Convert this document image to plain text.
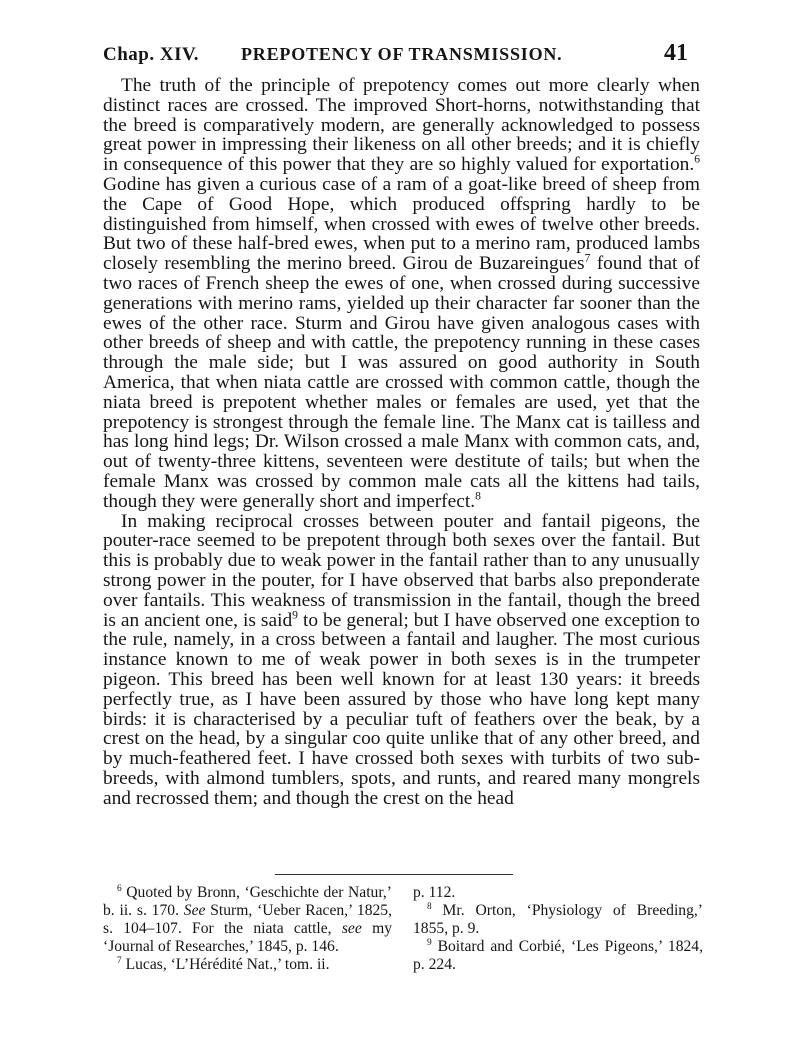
Chap. XIV. PREPOTENCY OF TRANSMISSION.	41

The truth of the principle of prepotency comes out more clearly when distinct races are crossed. The improved Short-horns, notwithstanding that the breed is comparatively modern, are generally acknowledged to possess great power in impressing their likeness on all other breeds; and it is chiefly in consequence of this power that they are so highly valued for exportation.$^6$ Godine has given a curious case of a ram of a goat-like breed of sheep from the Cape of Good Hope, which produced offspring hardly to be distinguished from himself, when crossed with ewes of twelve other breeds. But two of these half-bred ewes, when put to a merino ram, produced lambs closely resembling the merino breed. Girou de Buzareingues$^7$ found that of two races of French sheep the ewes of one, when crossed during successive generations with merino rams, yielded up their character far sooner than the ewes of the other race. Sturm and Girou have given analogous cases with other breeds of sheep and with cattle, the prepotency running in these cases through the male side; but I was assured on good authority in South America, that when niata cattle are crossed with common cattle, though the niata breed is prepotent whether males or females are used, yet that the prepotency is strongest through the female line. The Manx cat is tailless and has long hind legs; Dr. Wilson crossed a male Manx with common cats, and, out of twenty-three kittens, seventeen were destitute of tails; but when the female Manx was crossed by common male cats all the kittens had tails, though they were generally short and imperfect.$^8$

In making reciprocal crosses between pouter and fantail pigeons, the pouter-race seemed to be prepotent through both sexes over the fantail. But this is probably due to weak power in the fantail rather than to any unusually strong power in the pouter, for I have observed that barbs also preponderate over fantails. This weakness of transmission in the fantail, though the breed is an ancient one, is said$^9$ to be general; but I have observed one exception to the rule, namely, in a cross between a fantail and laugher. The most curious instance known to me of weak power in both sexes is in the trumpeter pigeon. This breed has been well known for at least 130 years: it breeds perfectly true, as I have been assured by those who have long kept many birds: it is characterised by a peculiar tuft of feathers over the beak, by a crest on the head, by a singular coo quite unlike that of any other breed, and by much-feathered feet. I have crossed both sexes with turbits of two sub-breeds, with almond tumblers, spots, and runts, and reared many mongrels and recrossed them; and though the crest on the head

$^6$ Quoted by Bronn, ‘Geschichte der Natur,’ b. ii. s. 170. See Sturm, ‘Ueber Racen,’ 1825, s. 104–107. For the niata cattle, see my ‘Journal of Researches,’ 1845, p. 146.

$^7$ Lucas, ‘L’Hérédité Nat.,’ tom. ii.

p. 112.

$^8$ Mr. Orton, ‘Physiology of Breeding,’ 1855, p. 9.

$^9$ Boitard and Corbié, ‘Les Pigeons,’ 1824, p. 224.
